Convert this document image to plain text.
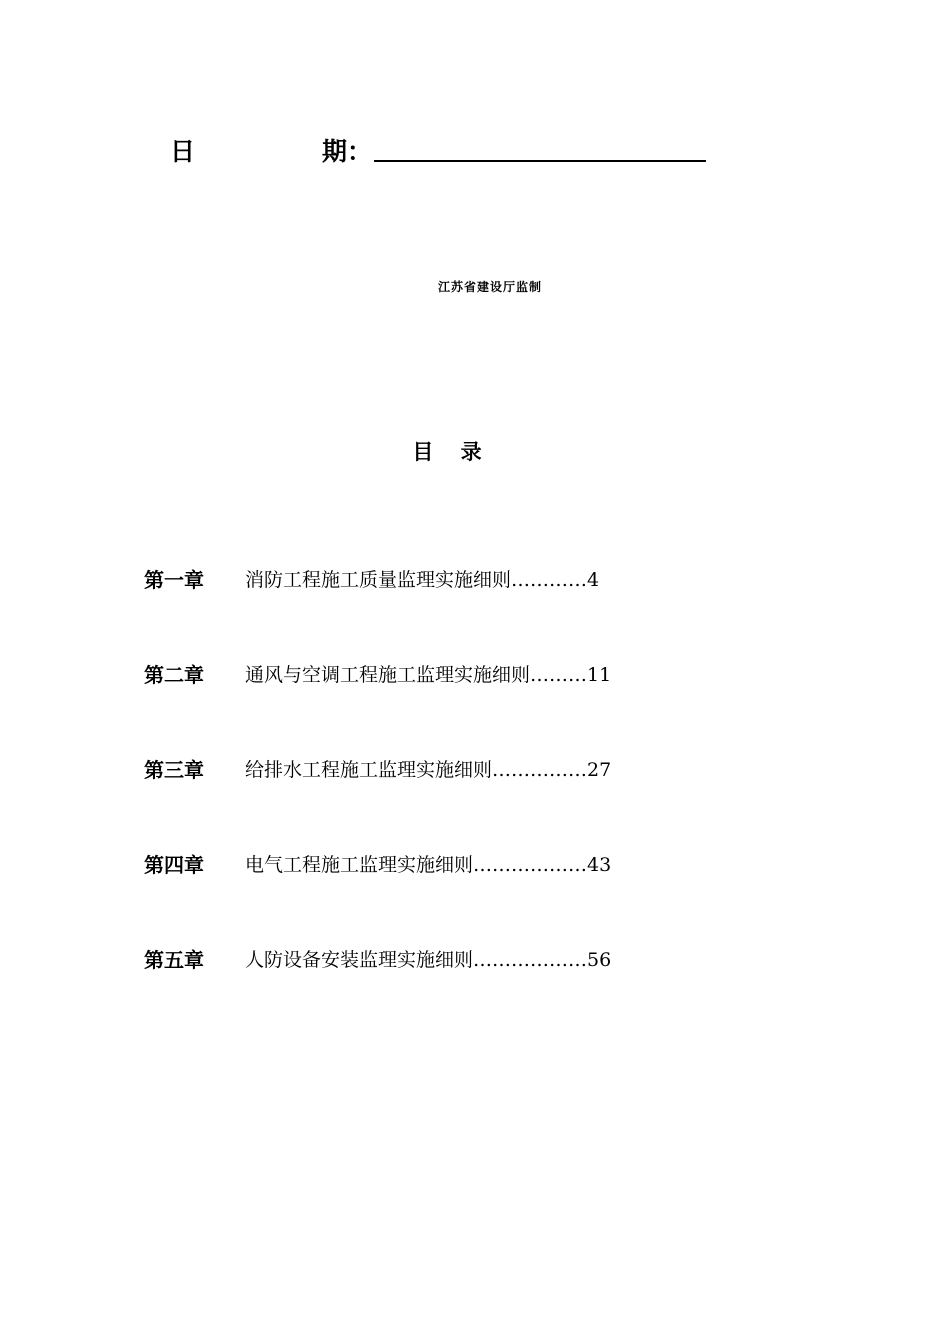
日	期：
江苏省建设厅监制
目 录
第一章 消防工程施工质量监理实施细则…………4
第二章 通风与空调工程施工监理实施细则………11
第三章 给排水工程施工监理实施细则……………27
第四章 电气工程施工监理实施细则………………43
第五章 人防设备安装监理实施细则………………56
